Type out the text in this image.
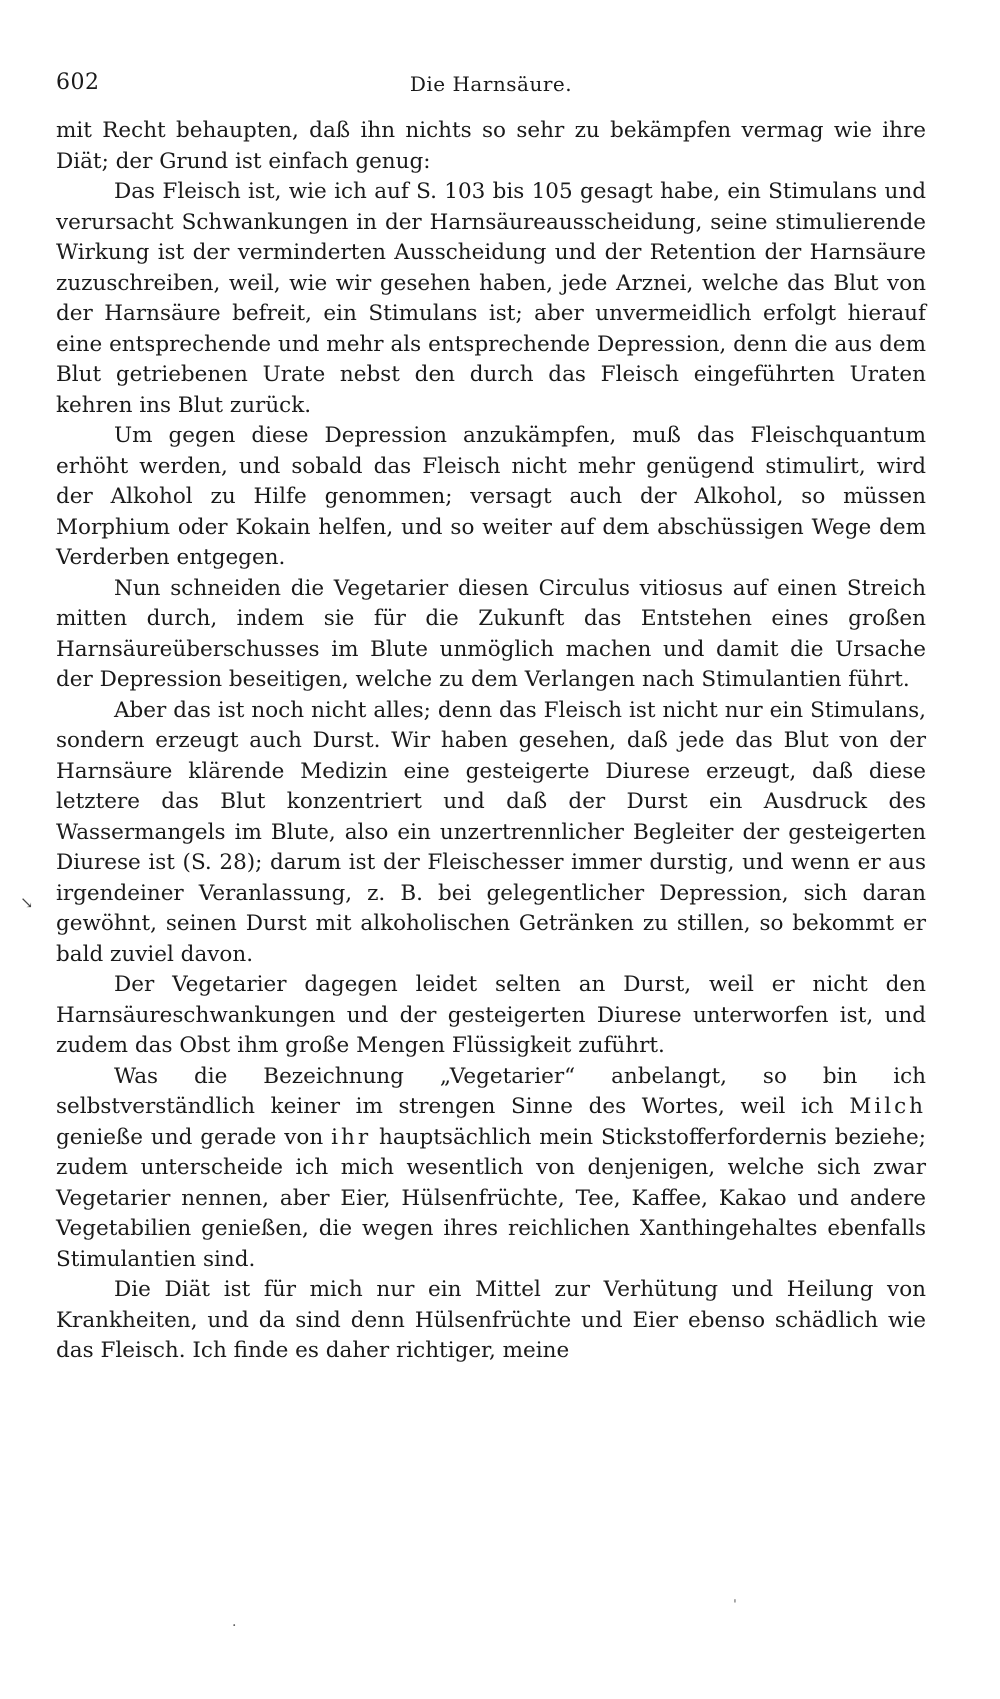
602	Die Harnsäure.
↘
·
ˈ

mit Recht behaupten, daß ihn nichts so sehr zu bekämpfen vermag wie ihre Diät; der Grund ist einfach genug:

Das Fleisch ist, wie ich auf S. 103 bis 105 gesagt habe, ein Stimulans und verursacht Schwankungen in der Harnsäureausscheidung, seine stimulierende Wirkung ist der verminderten Ausscheidung und der Retention der Harnsäure zuzuschreiben, weil, wie wir gesehen haben, jede Arznei, welche das Blut von der Harnsäure befreit, ein Stimulans ist; aber unvermeidlich erfolgt hierauf eine entsprechende und mehr als entsprechende Depression, denn die aus dem Blut getriebenen Urate nebst den durch das Fleisch eingeführten Uraten kehren ins Blut zurück.

Um gegen diese Depression anzukämpfen, muß das Fleischquantum erhöht werden, und sobald das Fleisch nicht mehr genügend stimulirt, wird der Alkohol zu Hilfe genommen; versagt auch der Alkohol, so müssen Morphium oder Kokain helfen, und so weiter auf dem abschüssigen Wege dem Verderben entgegen.

Nun schneiden die Vegetarier diesen Circulus vitiosus auf einen Streich mitten durch, indem sie für die Zukunft das Entstehen eines großen Harnsäureüberschusses im Blute unmöglich machen und damit die Ursache der Depression beseitigen, welche zu dem Verlangen nach Stimulantien führt.

Aber das ist noch nicht alles; denn das Fleisch ist nicht nur ein Stimulans, sondern erzeugt auch Durst. Wir haben gesehen, daß jede das Blut von der Harnsäure klärende Medizin eine gesteigerte Diurese erzeugt, daß diese letztere das Blut konzentriert und daß der Durst ein Ausdruck des Wassermangels im Blute, also ein unzertrennlicher Begleiter der gesteigerten Diurese ist (S. 28); darum ist der Fleischesser immer durstig, und wenn er aus irgendeiner Veranlassung, z. B. bei gelegentlicher Depression, sich daran gewöhnt, seinen Durst mit alkoholischen Getränken zu stillen, so bekommt er bald zuviel davon.

Der Vegetarier dagegen leidet selten an Durst, weil er nicht den Harnsäureschwankungen und der gesteigerten Diurese unterworfen ist, und zudem das Obst ihm große Mengen Flüssigkeit zuführt.

Was die Bezeichnung „Vegetarier“ anbelangt, so bin ich selbstverständlich keiner im strengen Sinne des Wortes, weil ich Milch genieße und gerade von ihr hauptsächlich mein Stickstofferfordernis beziehe; zudem unterscheide ich mich wesentlich von denjenigen, welche sich zwar Vegetarier nennen, aber Eier, Hülsenfrüchte, Tee, Kaffee, Kakao und andere Vegetabilien genießen, die wegen ihres reichlichen Xanthingehaltes ebenfalls Stimulantien sind.

Die Diät ist für mich nur ein Mittel zur Verhütung und Heilung von Krankheiten, und da sind denn Hülsenfrüchte und Eier ebenso schädlich wie das Fleisch. Ich finde es daher richtiger, meine
